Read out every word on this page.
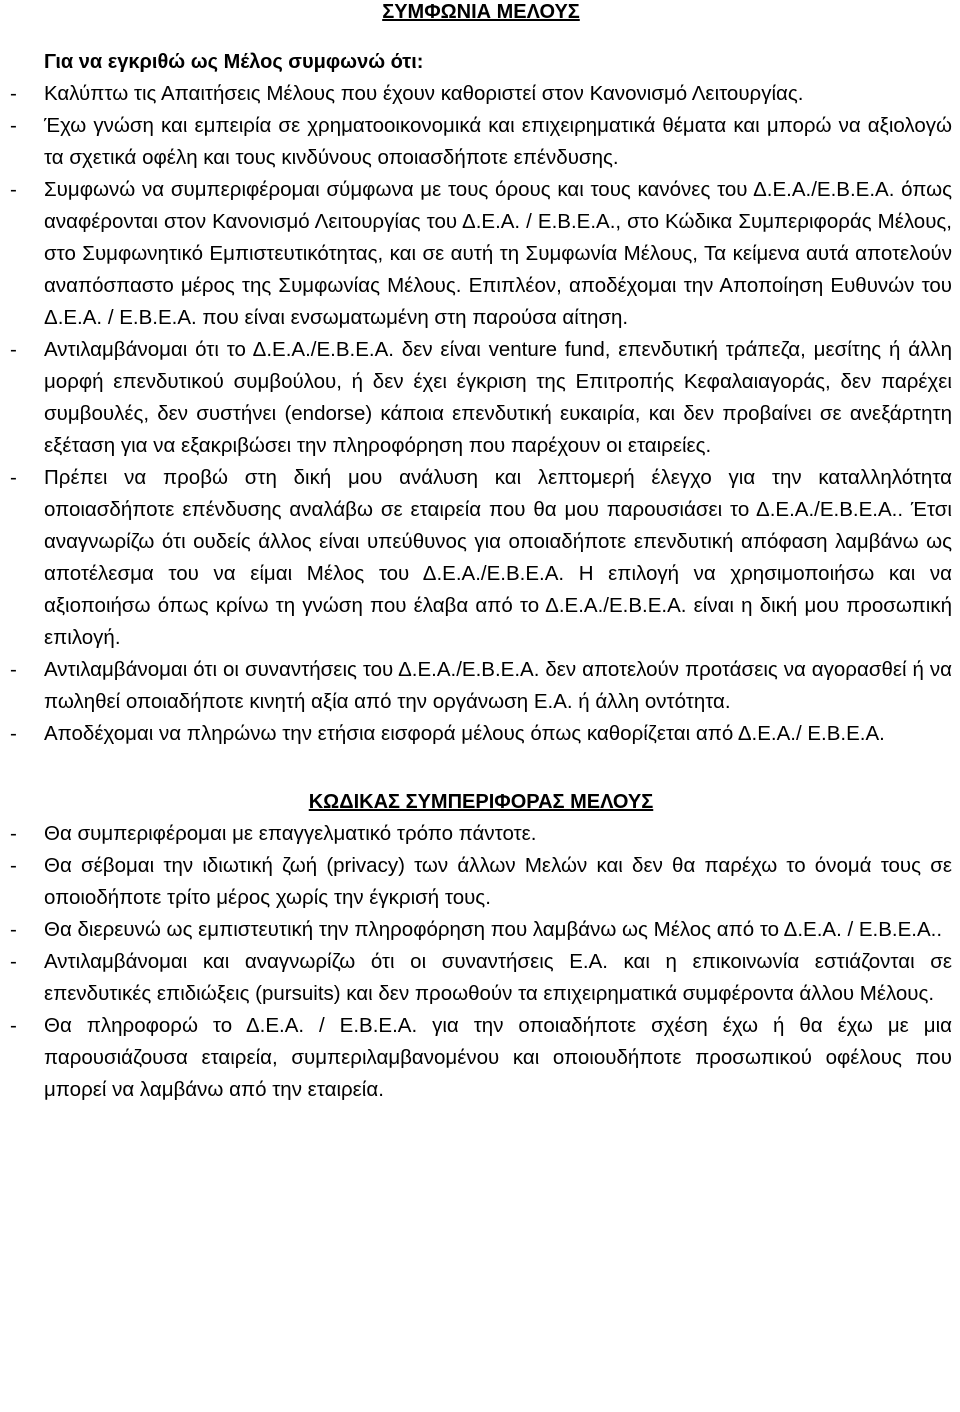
ΣΥΜΦΩΝΙΑ ΜΕΛΟΥΣ
Για να εγκριθώ ως Μέλος συμφωνώ ότι:
- Καλύπτω τις Απαιτήσεις Μέλους που έχουν καθοριστεί στον Κανονισμό Λειτουργίας.
- Έχω γνώση και εμπειρία σε χρηματοοικονομικά και επιχειρηματικά θέματα και μπορώ να αξιολογώ τα σχετικά οφέλη και τους κινδύνους οποιασδήποτε επένδυσης.
- Συμφωνώ να συμπεριφέρομαι σύμφωνα με τους όρους και τους κανόνες του Δ.Ε.Α./Ε.Β.Ε.Α. όπως αναφέρονται στον Κανονισμό Λειτουργίας του Δ.Ε.Α. / Ε.Β.Ε.Α., στο Κώδικα Συμπεριφοράς Μέλους, στο Συμφωνητικό Εμπιστευτικότητας, και σε αυτή τη Συμφωνία Μέλους, Τα κείμενα αυτά αποτελούν αναπόσπαστο μέρος της Συμφωνίας Μέλους. Επιπλέον, αποδέχομαι την Αποποίηση Ευθυνών του Δ.Ε.Α. / Ε.Β.Ε.Α. που είναι ενσωματωμένη στη παρούσα αίτηση.
- Αντιλαμβάνομαι ότι το Δ.Ε.Α./Ε.Β.Ε.Α. δεν είναι venture fund, επενδυτική τράπεζα, μεσίτης ή άλλη μορφή επενδυτικού συμβούλου, ή δεν έχει έγκριση της Επιτροπής Κεφαλαιαγοράς, δεν παρέχει συμβουλές, δεν συστήνει (endorse) κάποια επενδυτική ευκαιρία, και δεν προβαίνει σε ανεξάρτητη εξέταση για να εξακριβώσει την πληροφόρηση που παρέχουν οι εταιρείες.
- Πρέπει να προβώ στη δική μου ανάλυση και λεπτομερή έλεγχο για την καταλληλότητα οποιασδήποτε επένδυσης αναλάβω σε εταιρεία που θα μου παρουσιάσει το Δ.Ε.Α./Ε.Β.Ε.Α.. Έτσι αναγνωρίζω ότι ουδείς άλλος είναι υπεύθυνος για οποιαδήποτε επενδυτική απόφαση λαμβάνω ως αποτέλεσμα του να είμαι Μέλος του Δ.Ε.Α./Ε.Β.Ε.Α. Η επιλογή να χρησιμοποιήσω και να αξιοποιήσω όπως κρίνω τη γνώση που έλαβα από το Δ.Ε.Α./Ε.Β.Ε.Α. είναι η δική μου προσωπική επιλογή.
- Αντιλαμβάνομαι ότι οι συναντήσεις του Δ.Ε.Α./Ε.Β.Ε.Α. δεν αποτελούν προτάσεις να αγορασθεί ή να πωληθεί οποιαδήποτε κινητή αξία από την οργάνωση Ε.Α. ή άλλη οντότητα.
- Αποδέχομαι να πληρώνω την ετήσια εισφορά μέλους όπως καθορίζεται από Δ.Ε.Α./ Ε.Β.Ε.Α.
ΚΩΔΙΚΑΣ ΣΥΜΠΕΡΙΦΟΡΑΣ ΜΕΛΟΥΣ
- Θα συμπεριφέρομαι με επαγγελματικό τρόπο πάντοτε.
- Θα σέβομαι την ιδιωτική ζωή (privacy) των άλλων Μελών και δεν θα παρέχω το όνομά τους σε οποιοδήποτε τρίτο μέρος χωρίς την έγκρισή τους.
- Θα διερευνώ ως εμπιστευτική την πληροφόρηση που λαμβάνω ως Μέλος από το Δ.Ε.Α. / Ε.Β.Ε.Α..
- Αντιλαμβάνομαι και αναγνωρίζω ότι οι συναντήσεις Ε.Α. και η επικοινωνία εστιάζονται σε επενδυτικές επιδιώξεις (pursuits) και δεν προωθούν τα επιχειρηματικά συμφέροντα άλλου Μέλους.
- Θα πληροφορώ το Δ.Ε.Α. / Ε.Β.Ε.Α. για την οποιαδήποτε σχέση έχω ή θα έχω με μια παρουσιάζουσα εταιρεία, συμπεριλαμβανομένου και οποιουδήποτε προσωπικού οφέλους που μπορεί να λαμβάνω από την εταιρεία.
